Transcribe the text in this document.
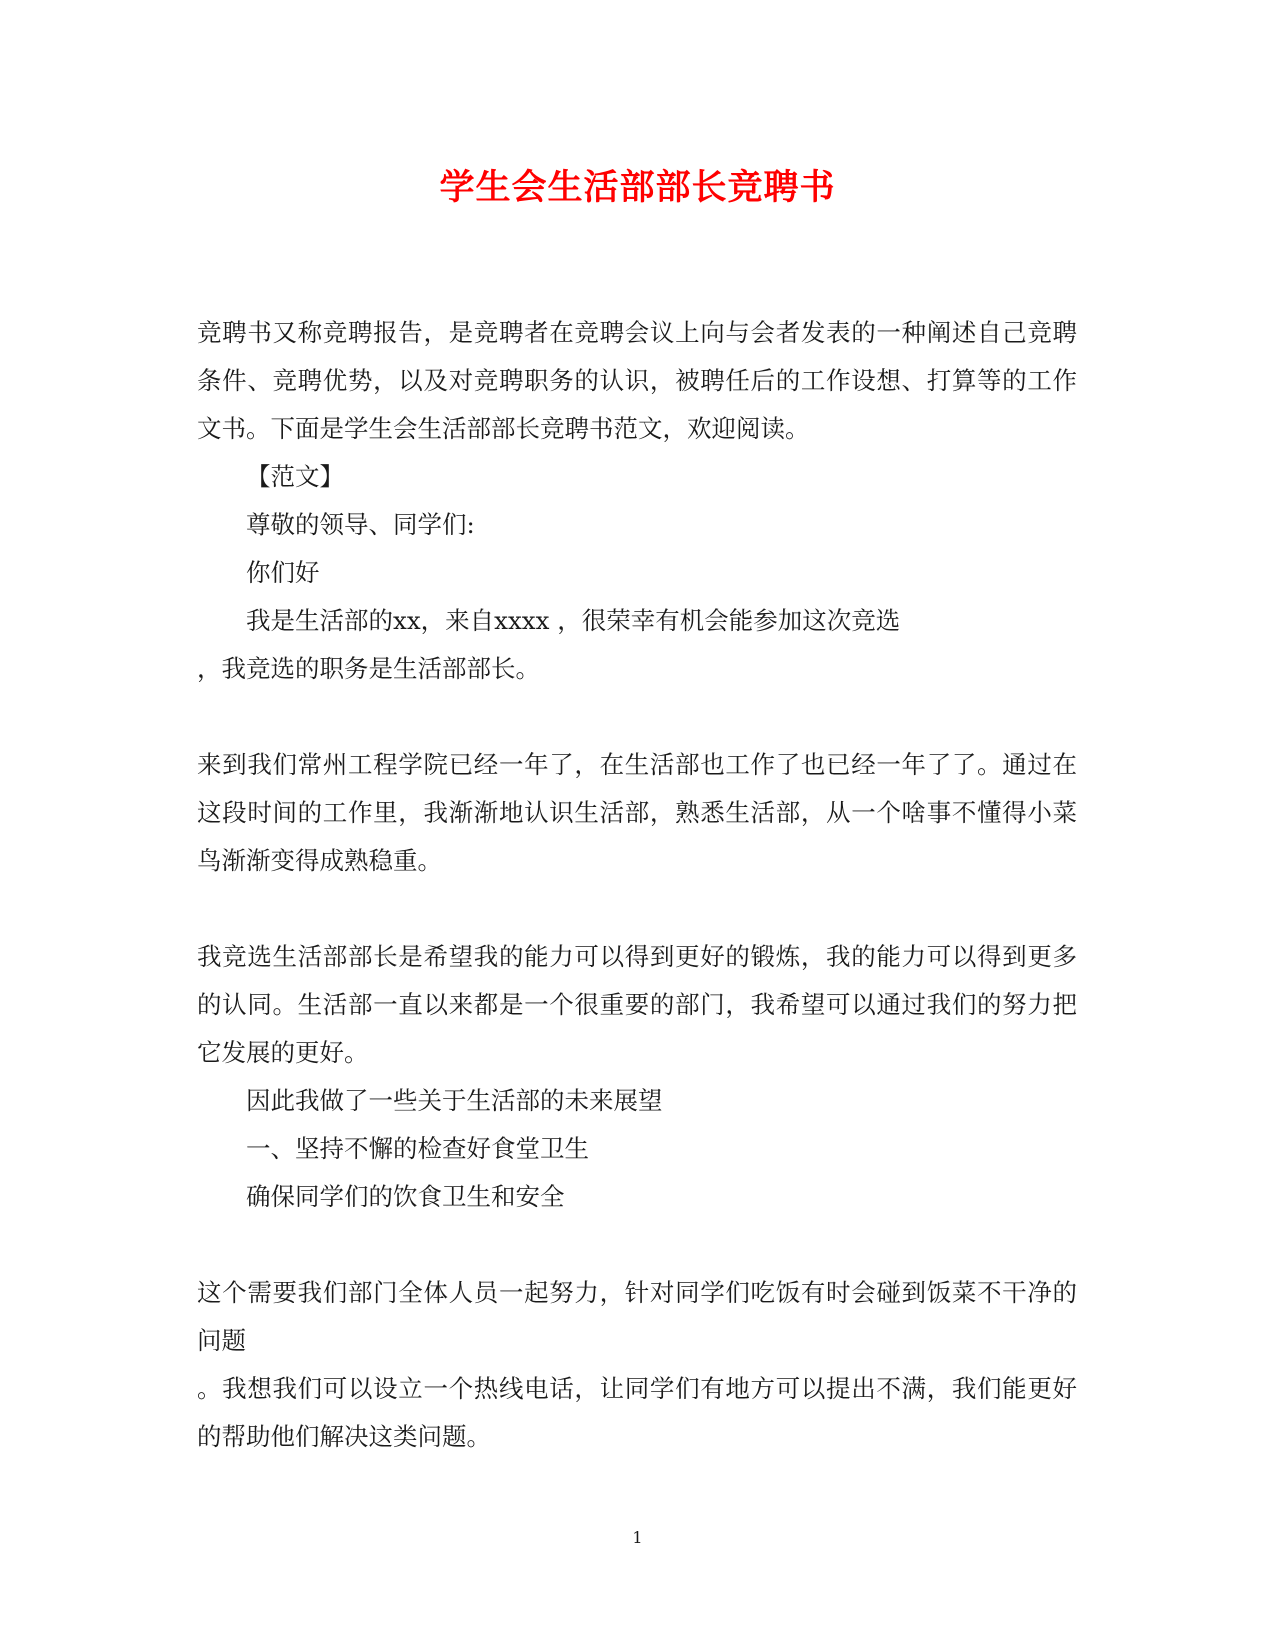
学生会生活部部长竞聘书

竞聘书又称竞聘报告，是竞聘者在竞聘会议上向与会者发表的一种阐述自己竞聘条件、竞聘优势，以及对竞聘职务的认识，被聘任后的工作设想、打算等的工作文书。下面是学生会生活部部长竞聘书范文，欢迎阅读。

【范文】

尊敬的领导、同学们:

你们好

我是生活部的xx，来自xxxx ，很荣幸有机会能参加这次竞选

，我竞选的职务是生活部部长。

来到我们常州工程学院已经一年了，在生活部也工作了也已经一年了了。通过在这段时间的工作里，我渐渐地认识生活部，熟悉生活部，从一个啥事不懂得小菜鸟渐渐变得成熟稳重。

我竞选生活部部长是希望我的能力可以得到更好的锻炼，我的能力可以得到更多的认同。生活部一直以来都是一个很重要的部门，我希望可以通过我们的努力把它发展的更好。

因此我做了一些关于生活部的未来展望

一、坚持不懈的检查好食堂卫生

确保同学们的饮食卫生和安全

这个需要我们部门全体人员一起努力，针对同学们吃饭有时会碰到饭菜不干净的问题

。我想我们可以设立一个热线电话，让同学们有地方可以提出不满，我们能更好的帮助他们解决这类问题。

1
